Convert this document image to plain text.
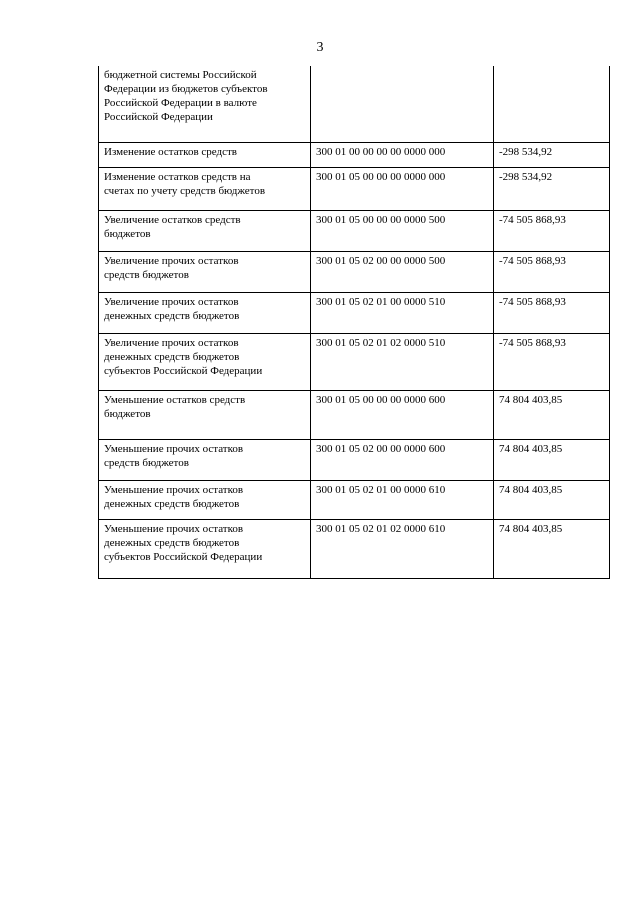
3
бюджетной системы Российской
Федерации из бюджетов субъектов
Российской Федерации в валюте
Российской Федерации		
Изменение остатков средств	300 01 00 00 00 00 0000 000	-298 534,92
Изменение остатков средств на
счетах по учету средств бюджетов	300 01 05 00 00 00 0000 000	-298 534,92
Увеличение остатков средств
бюджетов	300 01 05 00 00 00 0000 500	-74 505 868,93
Увеличение прочих остатков
средств бюджетов	300 01 05 02 00 00 0000 500	-74 505 868,93
Увеличение прочих остатков
денежных средств бюджетов	300 01 05 02 01 00 0000 510	-74 505 868,93
Увеличение прочих остатков
денежных средств бюджетов
субъектов Российской Федерации	300 01 05 02 01 02 0000 510	-74 505 868,93
Уменьшение остатков средств
бюджетов	300 01 05 00 00 00 0000 600	74 804 403,85
Уменьшение прочих остатков
средств бюджетов	300 01 05 02 00 00 0000 600	74 804 403,85
Уменьшение прочих остатков
денежных средств бюджетов	300 01 05 02 01 00 0000 610	74 804 403,85
Уменьшение прочих остатков
денежных средств бюджетов
субъектов Российской Федерации	300 01 05 02 01 02 0000 610	74 804 403,85
